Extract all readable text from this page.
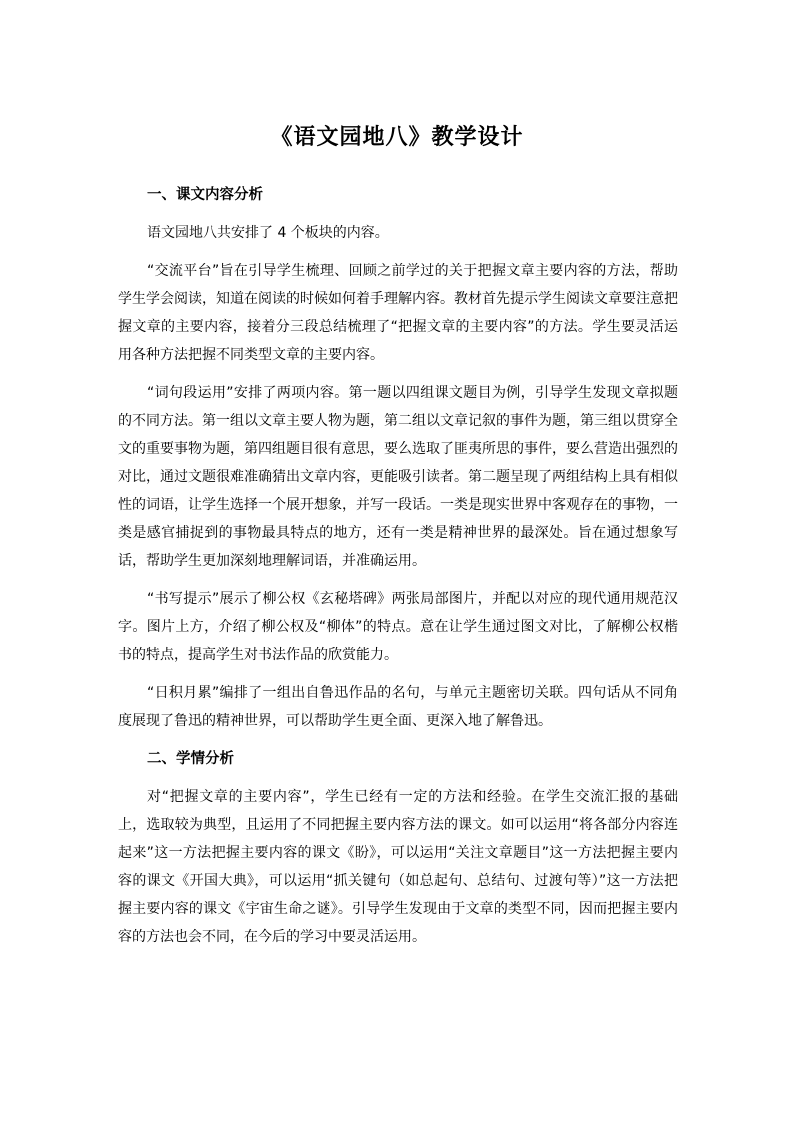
《语文园地八》教学设计
一、课文内容分析

语文园地八共安排了 4 个板块的内容。

“交流平台”旨在引导学生梳理、回顾之前学过的关于把握文章主要内容的方法，帮助学生学会阅读，知道在阅读的时候如何着手理解内容。教材首先提示学生阅读文章要注意把握文章的主要内容，接着分三段总结梳理了“把握文章的主要内容”的方法。学生要灵活运用各种方法把握不同类型文章的主要内容。

“词句段运用”安排了两项内容。第一题以四组课文题目为例，引导学生发现文章拟题的不同方法。第一组以文章主要人物为题，第二组以文章记叙的事件为题，第三组以贯穿全文的重要事物为题，第四组题目很有意思，要么选取了匪夷所思的事件，要么营造出强烈的对比，通过文题很难准确猜出文章内容，更能吸引读者。第二题呈现了两组结构上具有相似性的词语，让学生选择一个展开想象，并写一段话。一类是现实世界中客观存在的事物，一类是感官捕捉到的事物最具特点的地方，还有一类是精神世界的最深处。旨在通过想象写话，帮助学生更加深刻地理解词语，并准确运用。

“书写提示”展示了柳公权《玄秘塔碑》两张局部图片，并配以对应的现代通用规范汉字。图片上方，介绍了柳公权及“柳体”的特点。意在让学生通过图文对比，了解柳公权楷书的特点，提高学生对书法作品的欣赏能力。

“日积月累”编排了一组出自鲁迅作品的名句，与单元主题密切关联。四句话从不同角度展现了鲁迅的精神世界，可以帮助学生更全面、更深入地了解鲁迅。

二、学情分析

对“把握文章的主要内容”，学生已经有一定的方法和经验。在学生交流汇报的基础上，选取较为典型，且运用了不同把握主要内容方法的课文。如可以运用“将各部分内容连起来”这一方法把握主要内容的课文《盼》，可以运用“关注文章题目”这一方法把握主要内容的课文《开国大典》，可以运用“抓关键句（如总起句、总结句、过渡句等）”这一方法把握主要内容的课文《宇宙生命之谜》。引导学生发现由于文章的类型不同，因而把握主要内容的方法也会不同，在今后的学习中要灵活运用。
